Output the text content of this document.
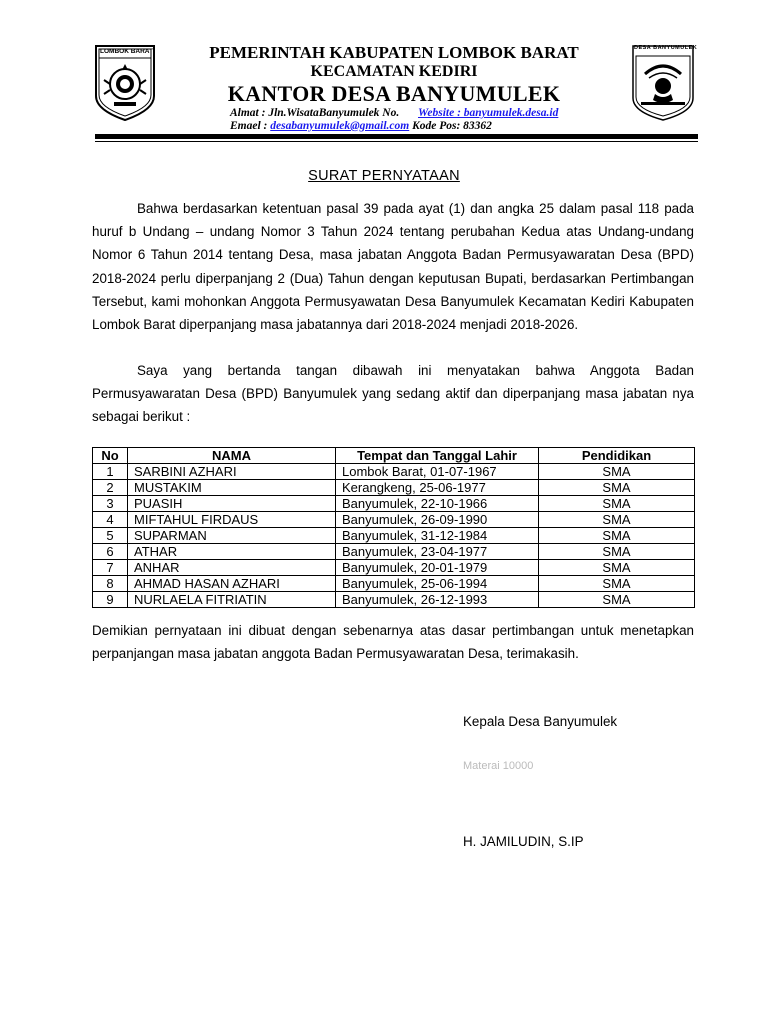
LOMBOK BARAT	DESA BANYUMULEK
PEMERINTAH KABUPATEN LOMBOK BARAT
KECAMATAN KEDIRI
KANTOR DESA BANYUMULEK
Almat : Jln.WisataBanyumulek No. Website : banyumulek.desa.id
Emael : desabanyumulek@gmail.com Kode Pos: 83362
SURAT PERNYATAAN
Bahwa berdasarkan ketentuan pasal 39 pada ayat (1) dan angka 25 dalam pasal 118 pada huruf b Undang – undang Nomor 3 Tahun 2024 tentang perubahan Kedua atas Undang-undang Nomor 6 Tahun 2014 tentang Desa, masa jabatan Anggota Badan Permusyawaratan Desa (BPD) 2018-2024 perlu diperpanjang 2 (Dua) Tahun dengan keputusan Bupati, berdasarkan Pertimbangan Tersebut, kami mohonkan Anggota Permusyawatan Desa Banyumulek Kecamatan Kediri Kabupaten Lombok Barat diperpanjang masa jabatannya dari 2018-2024 menjadi 2018-2026.
Saya yang bertanda tangan dibawah ini menyatakan bahwa Anggota Badan Permusyawaratan Desa (BPD) Banyumulek yang sedang aktif dan diperpanjang masa jabatan nya sebagai berikut :
No	NAMA	Tempat dan Tanggal Lahir	Pendidikan
1	SARBINI AZHARI	Lombok Barat, 01-07-1967	SMA
2	MUSTAKIM	Kerangkeng, 25-06-1977	SMA
3	PUASIH	Banyumulek, 22-10-1966	SMA
4	MIFTAHUL FIRDAUS	Banyumulek, 26-09-1990	SMA
5	SUPARMAN	Banyumulek, 31-12-1984	SMA
6	ATHAR	Banyumulek, 23-04-1977	SMA
7	ANHAR	Banyumulek, 20-01-1979	SMA
8	AHMAD HASAN AZHARI	Banyumulek, 25-06-1994	SMA
9	NURLAELA FITRIATIN	Banyumulek, 26-12-1993	SMA
Demikian pernyataan ini dibuat dengan sebenarnya atas dasar pertimbangan untuk menetapkan perpanjangan masa jabatan anggota Badan Permusyawaratan Desa, terimakasih.
Kepala Desa Banyumulek
Materai 10000
H. JAMILUDIN, S.IP
